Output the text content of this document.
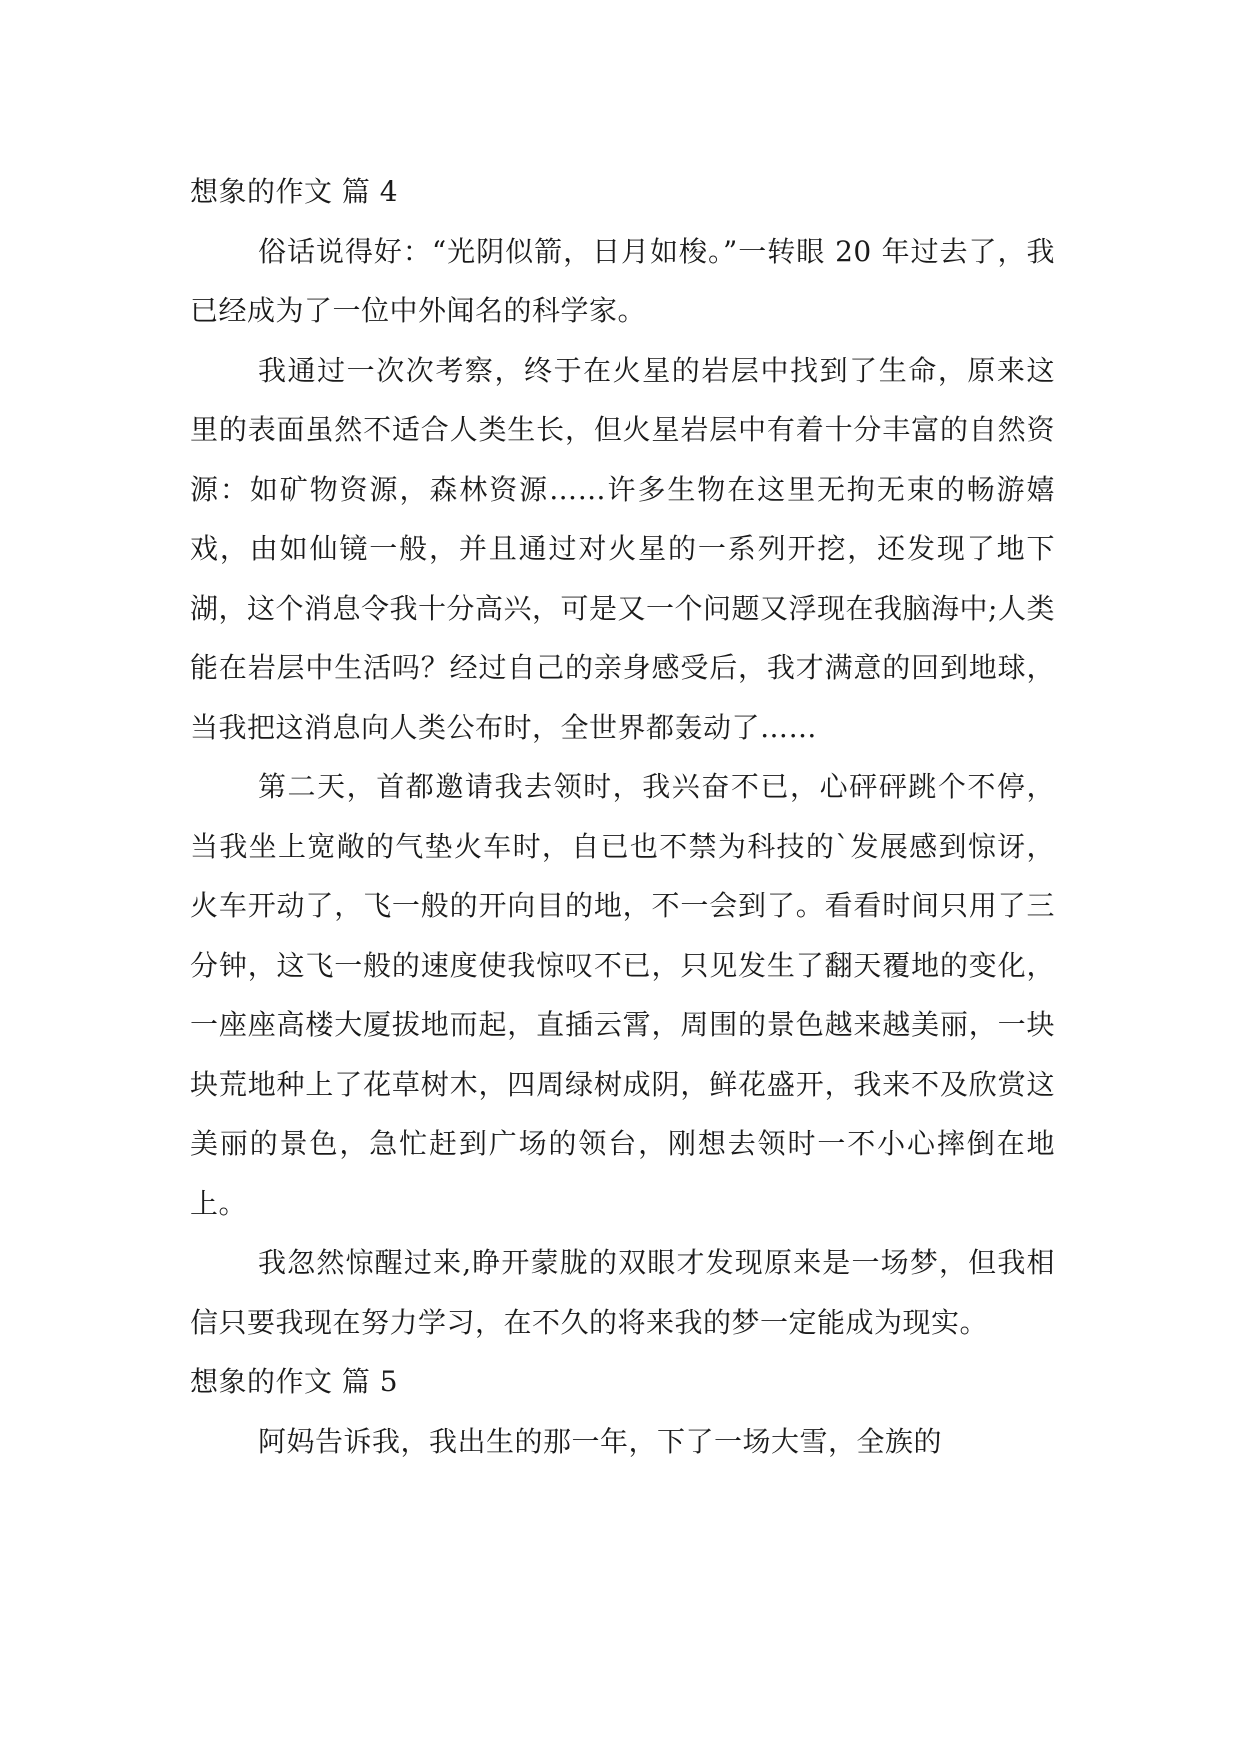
想象的作文 篇 4

俗话说得好：“光阴似箭，日月如梭。”一转眼 20 年过去了，我已经成为了一位中外闻名的科学家。

我通过一次次考察，终于在火星的岩层中找到了生命，原来这里的表面虽然不适合人类生长，但火星岩层中有着十分丰富的自然资源：如矿物资源，森林资源……许多生物在这里无拘无束的畅游嬉戏，由如仙镜一般，并且通过对火星的一系列开挖，还发现了地下湖，这个消息令我十分高兴，可是又一个问题又浮现在我脑海中;人类能在岩层中生活吗？经过自己的亲身感受后，我才满意的回到地球，当我把这消息向人类公布时，全世界都轰动了……

第二天，首都邀请我去领时，我兴奋不已，心砰砰跳个不停，当我坐上宽敞的气垫火车时，自已也不禁为科技的`发展感到惊讶，火车开动了，飞一般的开向目的地，不一会到了。看看时间只用了三分钟，这飞一般的速度使我惊叹不已，只见发生了翻天覆地的变化，一座座高楼大厦拔地而起，直插云霄，周围的景色越来越美丽，一块块荒地种上了花草树木，四周绿树成阴，鲜花盛开，我来不及欣赏这美丽的景色，急忙赶到广场的领台，刚想去领时一不小心摔倒在地上。

我忽然惊醒过来,睁开蒙胧的双眼才发现原来是一场梦，但我相信只要我现在努力学习，在不久的将来我的梦一定能成为现实。

想象的作文 篇 5

阿妈告诉我，我出生的那一年，下了一场大雪，全族的
